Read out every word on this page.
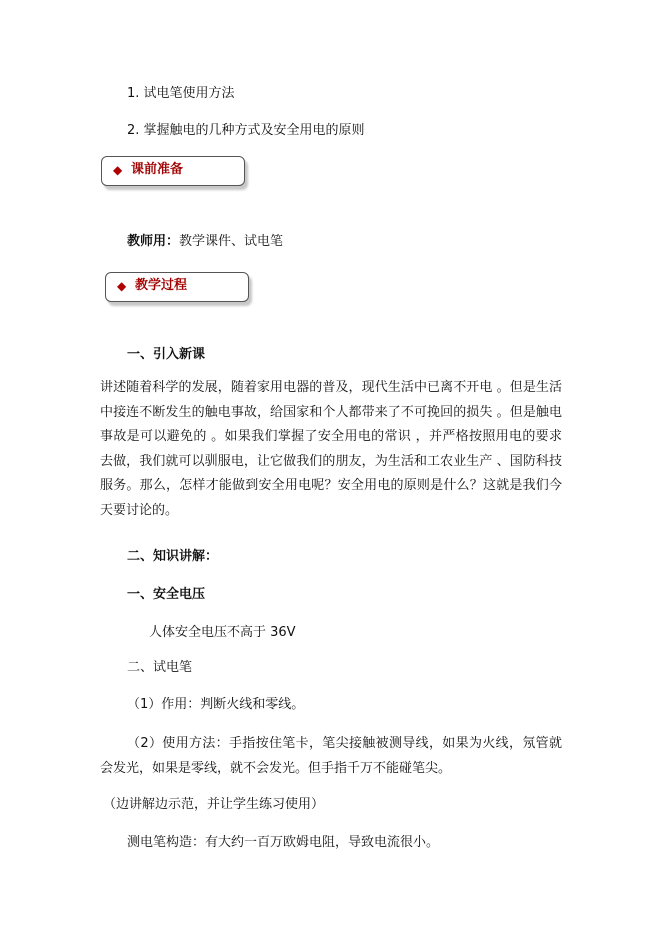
1. 试电笔使用方法
2. 掌握触电的几种方式及安全用电的原则
◆ 课前准备
教师用：教学课件、试电笔
◆ 教学过程
一、引入新课

讲述随着科学的发展，随着家用电器的普及，现代生活中已离不开电 。但是生活中接连不断发生的触电事故，给国家和个人都带来了不可挽回的损失 。但是触电事故是可以避免的 。如果我们掌握了安全用电的常识 ，并严格按照用电的要求去做，我们就可以驯服电，让它做我们的朋友，为生活和工农业生产 、国防科技服务。那么，怎样才能做到安全用电呢？安全用电的原则是什么？这就是我们今天要讨论的。

二、知识讲解：
一、安全电压
人体安全电压不高于 36V
二、试电笔
（1）作用：判断火线和零线。

（2）使用方法：手指按住笔卡，笔尖接触被测导线，如果为火线，氖管就会发光，如果是零线，就不会发光。但手指千万不能碰笔尖。

（边讲解边示范，并让学生练习使用）
测电笔构造：有大约一百万欧姆电阻，导致电流很小。
